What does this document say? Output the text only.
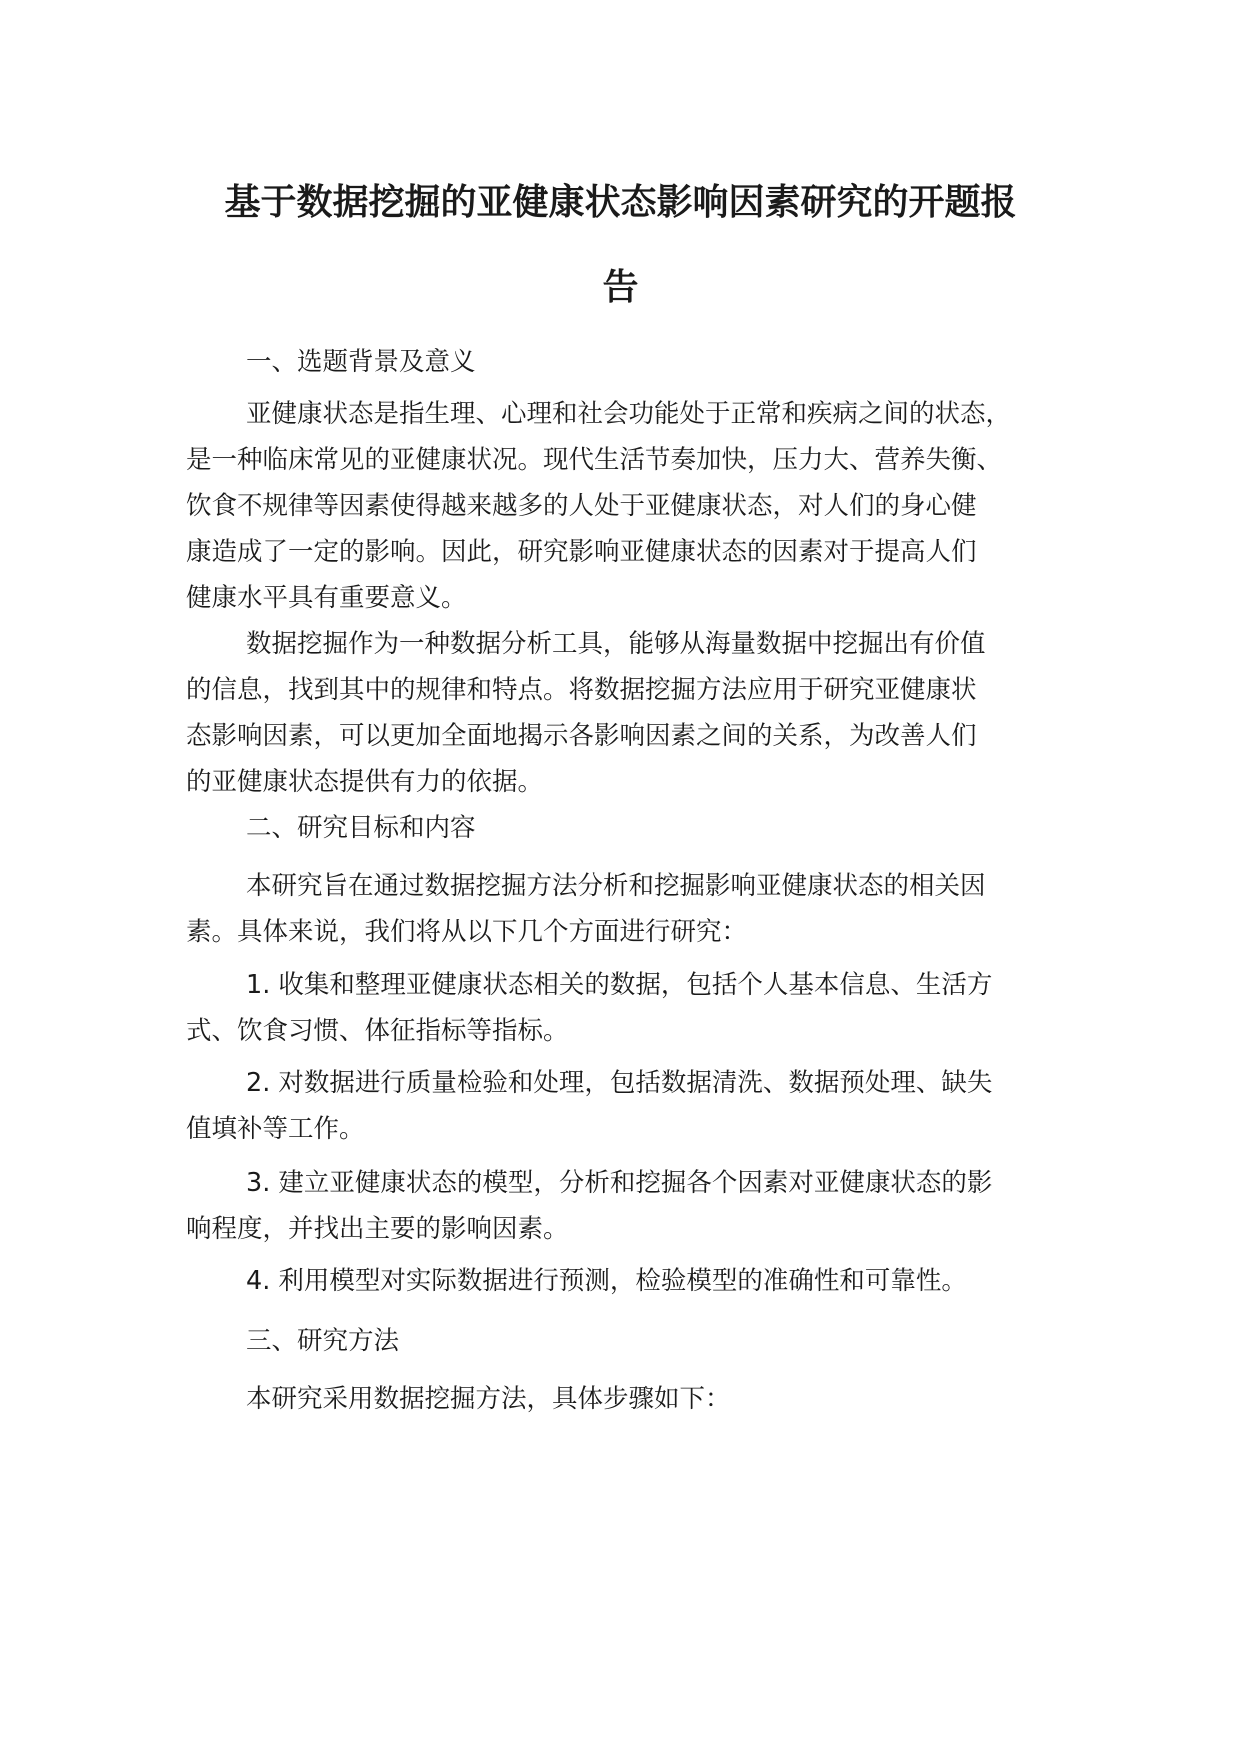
基于数据挖掘的亚健康状态影响因素研究的开题报
告
一、选题背景及意义
亚健康状态是指生理、心理和社会功能处于正常和疾病之间的状态，
是一种临床常见的亚健康状况。现代生活节奏加快，压力大、营养失衡、
饮食不规律等因素使得越来越多的人处于亚健康状态，对人们的身心健
康造成了一定的影响。因此，研究影响亚健康状态的因素对于提高人们
健康水平具有重要意义。
数据挖掘作为一种数据分析工具，能够从海量数据中挖掘出有价值
的信息，找到其中的规律和特点。将数据挖掘方法应用于研究亚健康状
态影响因素，可以更加全面地揭示各影响因素之间的关系，为改善人们
的亚健康状态提供有力的依据。
二、研究目标和内容
本研究旨在通过数据挖掘方法分析和挖掘影响亚健康状态的相关因
素。具体来说，我们将从以下几个方面进行研究：
1. 收集和整理亚健康状态相关的数据，包括个人基本信息、生活方
式、饮食习惯、体征指标等指标。
2. 对数据进行质量检验和处理，包括数据清洗、数据预处理、缺失
值填补等工作。
3. 建立亚健康状态的模型，分析和挖掘各个因素对亚健康状态的影
响程度，并找出主要的影响因素。
4. 利用模型对实际数据进行预测，检验模型的准确性和可靠性。
三、研究方法
本研究采用数据挖掘方法，具体步骤如下：
